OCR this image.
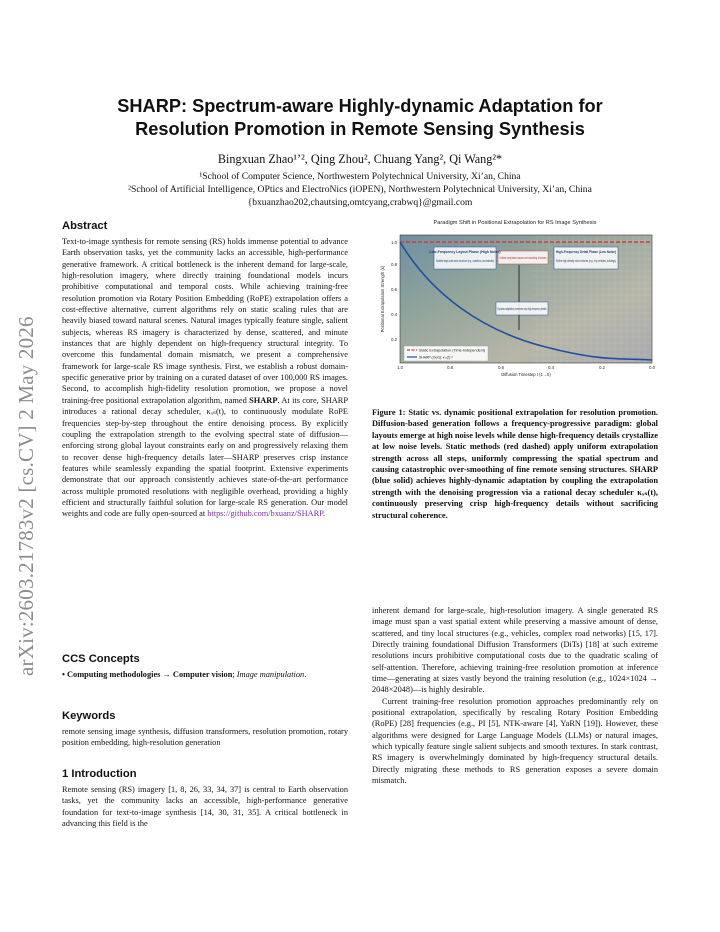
arXiv:2603.21783v2 [cs.CV] 2 May 2026
SHARP: Spectrum-aware Highly-dynamic Adaptation for
Resolution Promotion in Remote Sensing Synthesis
Bingxuan Zhao¹ʼ², Qing Zhou², Chuang Yang², Qi Wang²*
¹School of Computer Science, Northwestern Polytechnical University, Xi’an, China
²School of Artificial Intelligence, OPtics and ElectroNics (iOPEN), Northwestern Polytechnical University, Xi’an, China
{bxuanzhao202,chautsing,omtcyang,crabwq}@gmail.com
Abstract

Text-to-image synthesis for remote sensing (RS) holds immense potential to advance Earth observation tasks, yet the community lacks an accessible, high-performance generative framework. A critical bottleneck is the inherent demand for large-scale, high-resolution imagery, where directly training foundational models incurs prohibitive computational and temporal costs. While achieving training-free resolution promotion via Rotary Position Embedding (RoPE) extrapolation offers a cost-effective alternative, current algorithms rely on static scaling rules that are heavily biased toward natural scenes. Natural images typically feature single, salient subjects, whereas RS imagery is characterized by dense, scattered, and minute instances that are highly dependent on high-frequency structural integrity. To overcome this fundamental domain mismatch, we present a comprehensive framework for large-scale RS image synthesis. First, we establish a robust domain-specific generative prior by training on a curated dataset of over 100,000 RS images. Second, to accomplish high-fidelity resolution promotion, we propose a novel training-free positional extrapolation algorithm, named SHARP. At its core, SHARP introduces a rational decay scheduler, κₓₛ(t), to continuously modulate RoPE frequencies step-by-step throughout the entire denoising process. By explicitly coupling the extrapolation strength to the evolving spectral state of diffusion—enforcing strong global layout constraints early on and progressively relaxing them to recover dense high-frequency details later—SHARP preserves crisp instance features while seamlessly expanding the spatial footprint. Extensive experiments demonstrate that our approach consistently achieves state-of-the-art performance across multiple promoted resolutions with negligible overhead, providing a highly efficient and structurally faithful solution for large-scale RS generation. Our model weights and code are fully open-sourced at https://github.com/bxuanz/SHARP.

CCS Concepts

• Computing methodologies → Computer vision; Image manipulation.

Keywords

remote sensing image synthesis, diffusion transformers, resolution promotion, rotary position embedding, high-resolution generation

1 Introduction

Remote sensing (RS) imagery [1, 8, 26, 33, 34, 37] is central to Earth observation tasks, yet the community lacks an accessible, high-performance generative foundation for text-to-image synthesis [14, 30, 31, 35]. A critical bottleneck in advancing this field is the

Paradigm Shift in Positional Extrapolation for RS Image Synthesis
1.0
0.8
0.6
0.4
0.2
1.0	0.8	0.6	0.4	0.2	0.0
Diffusion Timestep t (1→0)
Positional Extrapolation Strength (κ)
Low-Frequency Layout Phase (High Noise)
Establish large-scale macro structures (e.g., coastlines, road networks)
High-Frequency Detail Phase (Low Noise)
Refine high-density micro-textures (e.g., tiny vehicles, buildings)
Uniform compression causes over-smoothing of textures
Dynamic adaptation preserves crisp high-frequency details
Static Extrapolation (Time-Independent)
SHARP (Ours): κₓₛ(t) =
Figure 1: Static vs. dynamic positional extrapolation for resolution promotion. Diffusion-based generation follows a frequency-progressive paradigm: global layouts emerge at high noise levels while dense high-frequency details crystallize at low noise levels. Static methods (red dashed) apply uniform extrapolation strength across all steps, uniformly compressing the spatial spectrum and causing catastrophic over-smoothing of fine remote sensing structures. SHARP (blue solid) achieves highly-dynamic adaptation by coupling the extrapolation strength with the denoising progression via a rational decay scheduler κₓₛ(t), continuously preserving crisp high-frequency details without sacrificing structural coherence.

inherent demand for large-scale, high-resolution imagery. A single generated RS image must span a vast spatial extent while preserving a massive amount of dense, scattered, and tiny local structures (e.g., vehicles, complex road networks) [15, 17]. Directly training foundational Diffusion Transformers (DiTs) [18] at such extreme resolutions incurs prohibitive computational costs due to the quadratic scaling of self-attention. Therefore, achieving training-free resolution promotion at inference time—generating at sizes vastly beyond the training resolution (e.g., 1024×1024 → 2048×2048)—is highly desirable.

Current training-free resolution promotion approaches predominantly rely on positional extrapolation, specifically by rescaling Rotary Position Embedding (RoPE) [28] frequencies (e.g., PI [5], NTK-aware [4], YaRN [19]). However, these algorithms were designed for Large Language Models (LLMs) or natural images, which typically feature single salient subjects and smooth textures. In stark contrast, RS imagery is overwhelmingly dominated by high-frequency structural details. Directly migrating these methods to RS generation exposes a severe domain mismatch.
